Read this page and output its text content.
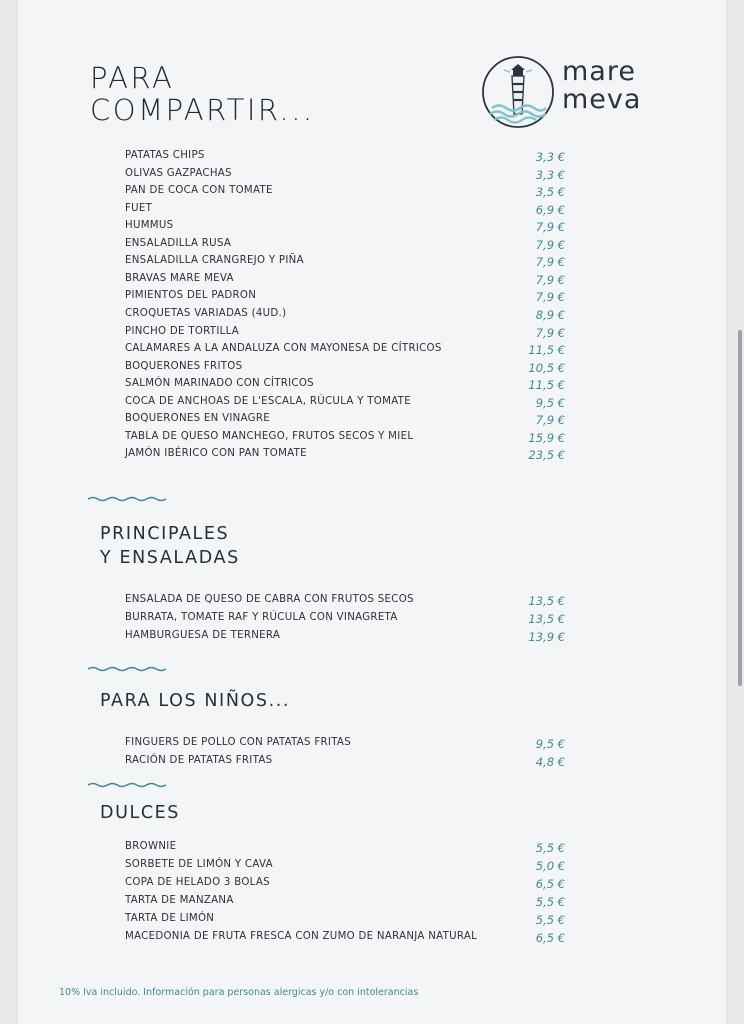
PARA
COMPARTIR...
mare
meva
PATATAS CHIPS	3,3 €
OLIVAS GAZPACHAS	3,3 €
PAN DE COCA CON TOMATE	3,5 €
FUET	6,9 €
HUMMUS	7,9 €
ENSALADILLA RUSA	7,9 €
ENSALADILLA CRANGREJO Y PIÑA	7,9 €
BRAVAS MARE MEVA	7,9 €
PIMIENTOS DEL PADRON	7,9 €
CROQUETAS VARIADAS (4UD.)	8,9 €
PINCHO DE TORTILLA	7,9 €
CALAMARES A LA ANDALUZA CON MAYONESA DE CÍTRICOS	11,5 €
BOQUERONES FRITOS	10,5 €
SALMÓN MARINADO CON CÍTRICOS	11,5 €
COCA DE ANCHOAS DE L'ESCALA, RÚCULA Y TOMATE	9,5 €
BOQUERONES EN VINAGRE	7,9 €
TABLA DE QUESO MANCHEGO, FRUTOS SECOS Y MIEL	15,9 €
JAMÓN IBÉRICO CON PAN TOMATE	23,5 €
PRINCIPALES
Y ENSALADAS
ENSALADA DE QUESO DE CABRA CON FRUTOS SECOS	13,5 €
BURRATA, TOMATE RAF Y RÚCULA CON VINAGRETA	13,5 €
HAMBURGUESA DE TERNERA	13,9 €
PARA LOS NIÑOS...
FINGUERS DE POLLO CON PATATAS FRITAS	9,5 €
RACIÓN DE PATATAS FRITAS	4,8 €
DULCES
BROWNIE	5,5 €
SORBETE DE LIMÓN Y CAVA	5,0 €
COPA DE HELADO 3 BOLAS	6,5 €
TARTA DE MANZANA	5,5 €
TARTA DE LIMÓN	5,5 €
MACEDONIA DE FRUTA FRESCA CON ZUMO DE NARANJA NATURAL	6,5 €
10% Iva incluido. Información para personas alergicas y/o con intolerancias
